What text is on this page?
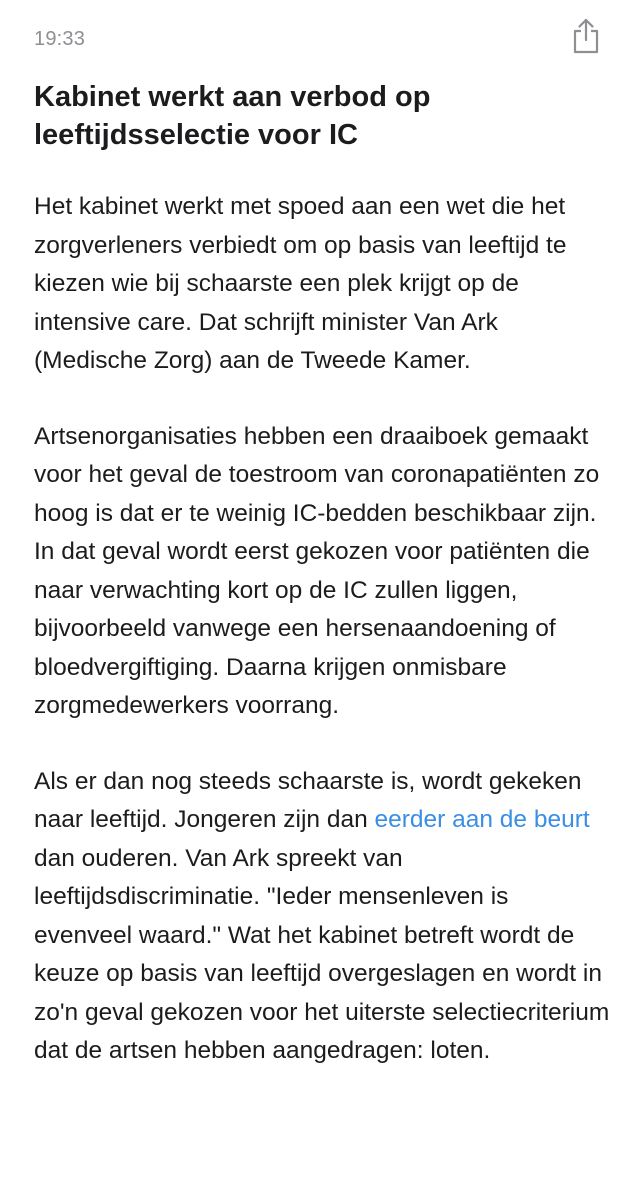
19:33
Kabinet werkt aan verbod op leeftijdsselectie voor IC

Het kabinet werkt met spoed aan een wet die het zorgverleners verbiedt om op basis van leeftijd te kiezen wie bij schaarste een plek krijgt op de intensive care. Dat schrijft minister Van Ark (Medische Zorg) aan de Tweede Kamer.

Artsenorganisaties hebben een draaiboek gemaakt voor het geval de toestroom van coronapatiënten zo hoog is dat er te weinig IC-bedden beschikbaar zijn. In dat geval wordt eerst gekozen voor patiënten die naar verwachting kort op de IC zullen liggen, bijvoorbeeld vanwege een hersenaandoening of bloedvergiftiging. Daarna krijgen onmisbare zorgmedewerkers voorrang.

Als er dan nog steeds schaarste is, wordt gekeken naar leeftijd. Jongeren zijn dan eerder aan de beurt dan ouderen. Van Ark spreekt van leeftijdsdiscriminatie. "Ieder mensenleven is evenveel waard." Wat het kabinet betreft wordt de keuze op basis van leeftijd overgeslagen en wordt in zo'n geval gekozen voor het uiterste selectiecriterium dat de artsen hebben aangedragen: loten.
